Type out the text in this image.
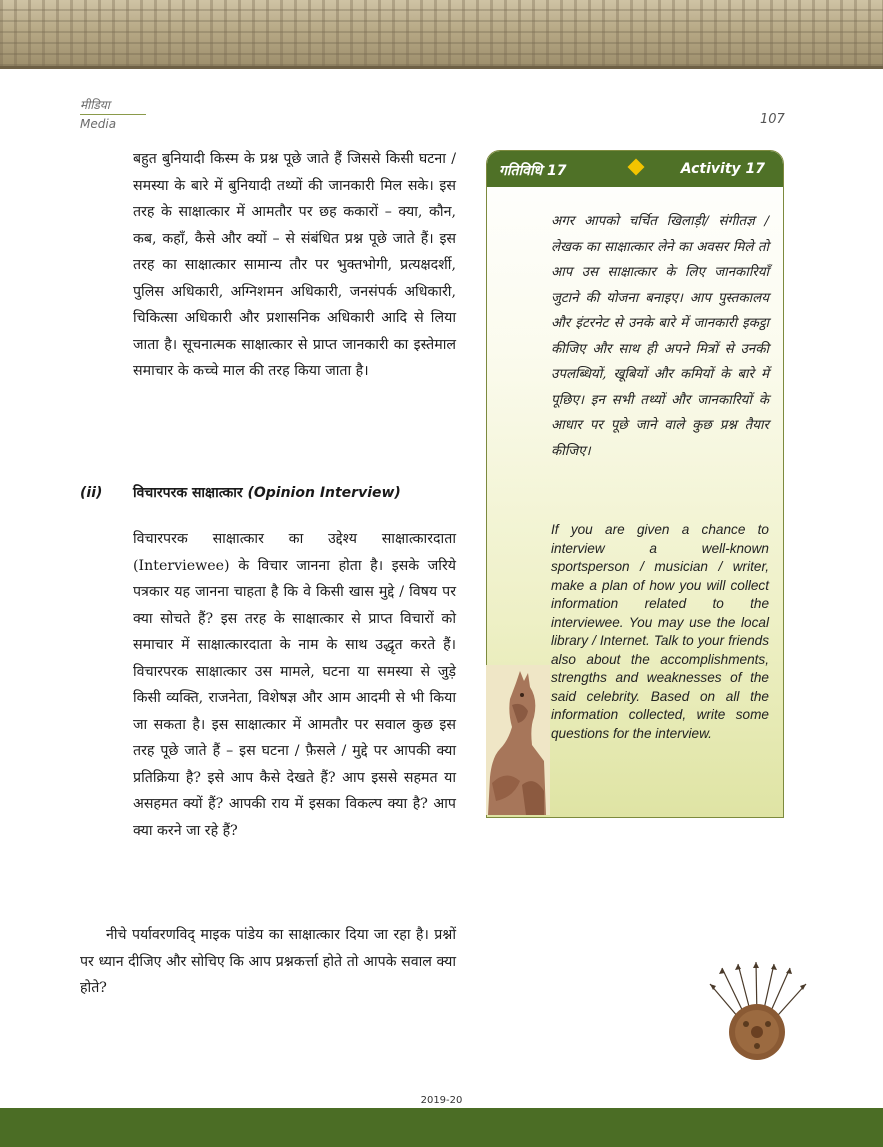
मीडिया
Media	107

बहुत बुनियादी किस्म के प्रश्न पूछे जाते हैं जिससे किसी घटना / समस्या के बारे में बुनियादी तथ्यों की जानकारी मिल सके। इस तरह के साक्षात्कार में आमतौर पर छह ककारों – क्या, कौन, कब, कहाँ, कैसे और क्यों – से संबंधित प्रश्न पूछे जाते हैं। इस तरह का साक्षात्कार सामान्य तौर पर भुक्तभोगी, प्रत्यक्षदर्शी, पुलिस अधिकारी, अग्निशमन अधिकारी, जनसंपर्क अधिकारी, चिकित्सा अधिकारी और प्रशासनिक अधिकारी आदि से लिया जाता है। सूचनात्मक साक्षात्कार से प्राप्त जानकारी का इस्तेमाल समाचार के कच्चे माल की तरह किया जाता है।

(ii) विचारपरक साक्षात्कार (Opinion Interview)

विचारपरक साक्षात्कार का उद्देश्य साक्षात्कारदाता (Interviewee) के विचार जानना होता है। इसके जरिये पत्रकार यह जानना चाहता है कि वे किसी खास मुद्दे / विषय पर क्या सोचते हैं? इस तरह के साक्षात्कार से प्राप्त विचारों को समाचार में साक्षात्कारदाता के नाम के साथ उद्धृत करते हैं। विचारपरक साक्षात्कार उस मामले, घटना या समस्या से जुड़े किसी व्यक्ति, राजनेता, विशेषज्ञ और आम आदमी से भी किया जा सकता है। इस साक्षात्कार में आमतौर पर सवाल कुछ इस तरह पूछे जाते हैं – इस घटना / फ़ैसले / मुद्दे पर आपकी क्या प्रतिक्रिया है? इसे आप कैसे देखते हैं? आप इससे सहमत या असहमत क्यों हैं? आपकी राय में इसका विकल्प क्या है? आप क्या करने जा रहे हैं?

नीचे पर्यावरणविद् माइक पांडेय का साक्षात्कार दिया जा रहा है। प्रश्नों पर ध्यान दीजिए और सोचिए कि आप प्रश्नकर्त्ता होते तो आपके सवाल क्या होते?
गतिविधि 17	Activity 17
अगर आपको चर्चित खिलाड़ी/ संगीतज्ञ / लेखक का साक्षात्कार लेने का अवसर मिले तो आप उस साक्षात्कार के लिए जानकारियाँ जुटाने की योजना बनाइए। आप पुस्तकालय और इंटरनेट से उनके बारे में जानकारी इकट्ठा कीजिए और साथ ही अपने मित्रों से उनकी उपलब्धियों, खूबियों और कमियों के बारे में पूछिए। इन सभी तथ्यों और जानकारियों के आधार पर पूछे जाने वाले कुछ प्रश्न तैयार कीजिए।
If you are given a chance to interview a well-known sportsperson / musician / writer, make a plan of how you will collect information related to the interviewee. You may use the local library / Internet. Talk to your friends also about the accomplishments, strengths and weaknesses of the said celebrity. Based on all the information collected, write some questions for the interview.
2019-20
